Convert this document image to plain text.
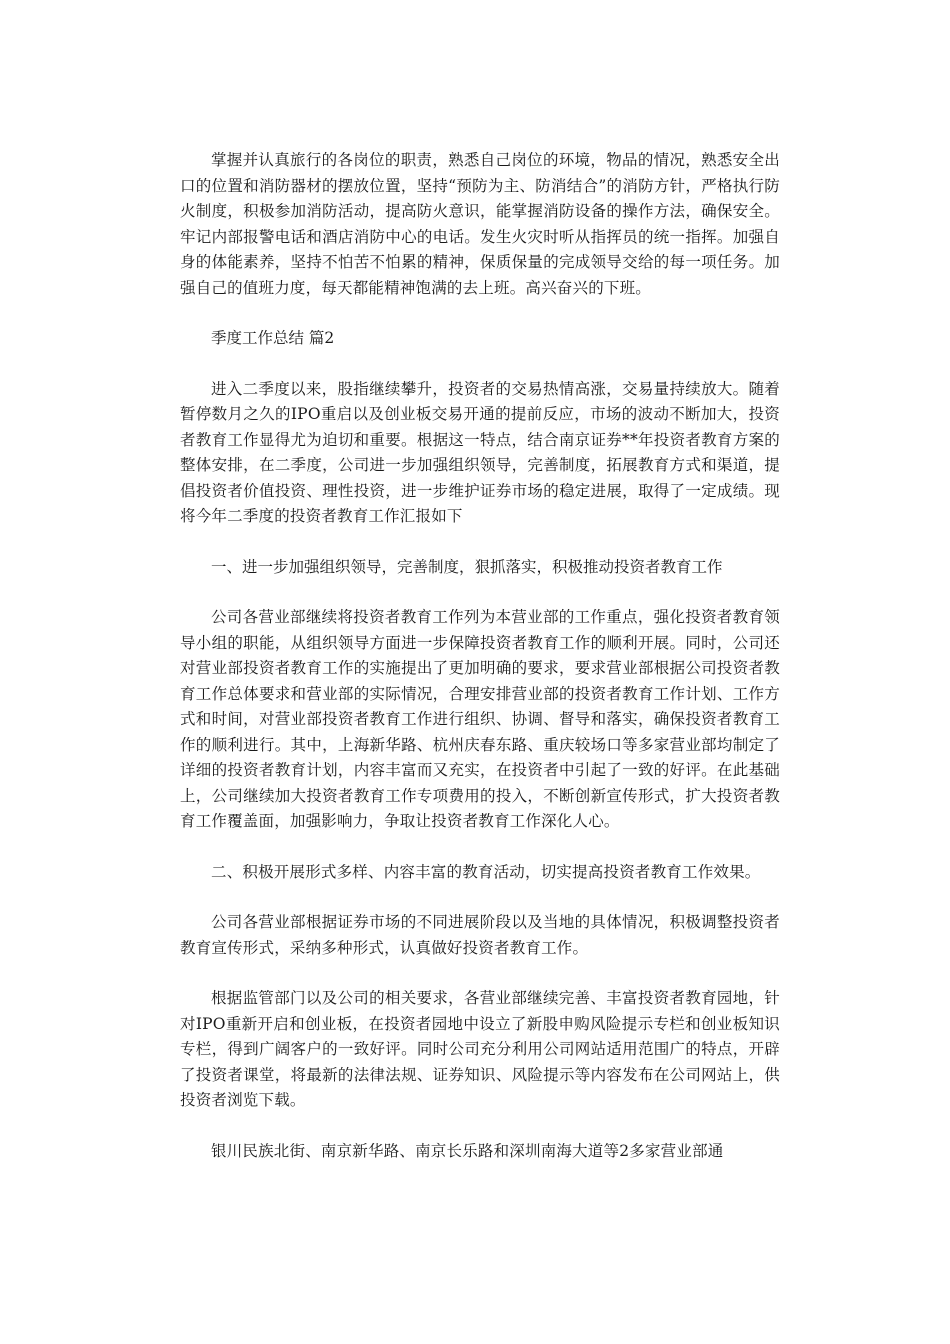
掌握并认真旅行的各岗位的职责，熟悉自己岗位的环境，物品的情况，熟悉安全出口的位置和消防器材的摆放位置，坚持“预防为主、防消结合”的消防方针，严格执行防火制度，积极参加消防活动，提高防火意识，能掌握消防设备的操作方法，确保安全。牢记内部报警电话和酒店消防中心的电话。发生火灾时听从指挥员的统一指挥。加强自身的体能素养，坚持不怕苦不怕累的精神，保质保量的完成领导交给的每一项任务。加强自己的值班力度，每天都能精神饱满的去上班。高兴奋兴的下班。

季度工作总结 篇2

进入二季度以来，股指继续攀升，投资者的交易热情高涨，交易量持续放大。随着暂停数月之久的IPO重启以及创业板交易开通的提前反应，市场的波动不断加大，投资者教育工作显得尤为迫切和重要。根据这一特点，结合南京证券**年投资者教育方案的整体安排，在二季度，公司进一步加强组织领导，完善制度，拓展教育方式和渠道，提倡投资者价值投资、理性投资，进一步维护证券市场的稳定进展，取得了一定成绩。现将今年二季度的投资者教育工作汇报如下

一、进一步加强组织领导，完善制度，狠抓落实，积极推动投资者教育工作

公司各营业部继续将投资者教育工作列为本营业部的工作重点，强化投资者教育领导小组的职能，从组织领导方面进一步保障投资者教育工作的顺利开展。同时，公司还对营业部投资者教育工作的实施提出了更加明确的要求，要求营业部根据公司投资者教育工作总体要求和营业部的实际情况，合理安排营业部的投资者教育工作计划、工作方式和时间，对营业部投资者教育工作进行组织、协调、督导和落实，确保投资者教育工作的顺利进行。其中，上海新华路、杭州庆春东路、重庆较场口等多家营业部均制定了详细的投资者教育计划，内容丰富而又充实，在投资者中引起了一致的好评。在此基础上，公司继续加大投资者教育工作专项费用的投入，不断创新宣传形式，扩大投资者教育工作覆盖面，加强影响力，争取让投资者教育工作深化人心。

二、积极开展形式多样、内容丰富的教育活动，切实提高投资者教育工作效果。

公司各营业部根据证券市场的不同进展阶段以及当地的具体情况，积极调整投资者教育宣传形式，采纳多种形式，认真做好投资者教育工作。

根据监管部门以及公司的相关要求，各营业部继续完善、丰富投资者教育园地，针对IPO重新开启和创业板，在投资者园地中设立了新股申购风险提示专栏和创业板知识专栏，得到广阔客户的一致好评。同时公司充分利用公司网站适用范围广的特点，开辟了投资者课堂，将最新的法律法规、证券知识、风险提示等内容发布在公司网站上，供投资者浏览下载。

银川民族北街、南京新华路、南京长乐路和深圳南海大道等2多家营业部通
